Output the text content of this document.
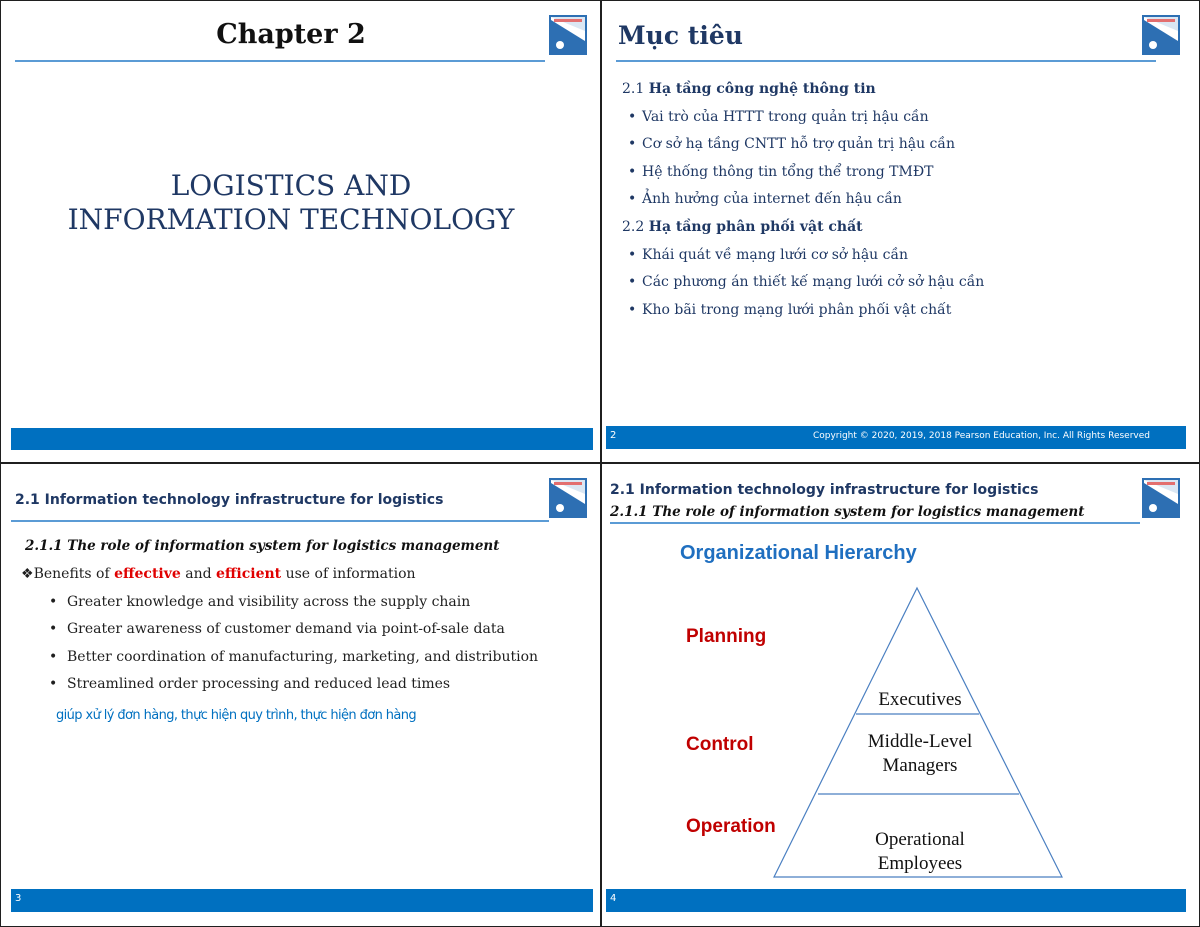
Chapter 2
LOGISTICS AND
INFORMATION TECHNOLOGY
Mục tiêu
2.1 Hạ tầng công nghệ thông tin
• Vai trò của HTTT trong quản trị hậu cần
• Cơ sở hạ tầng CNTT hỗ trợ quản trị hậu cần
• Hệ thống thông tin tổng thể trong TMĐT
• Ảnh hưởng của internet đến hậu cần
2.2 Hạ tầng phân phối vật chất
• Khái quát về mạng lưới cơ sở hậu cần
• Các phương án thiết kế mạng lưới cở sở hậu cần
• Kho bãi trong mạng lưới phân phối vật chất
2	Copyright © 2020, 2019, 2018 Pearson Education, Inc. All Rights Reserved
2.1 Information technology infrastructure for logistics
2.1.1 The role of information system for logistics management
❖Benefits of effective and efficient use of information
• Greater knowledge and visibility across the supply chain
• Greater awareness of customer demand via point-of-sale data
• Better coordination of manufacturing, marketing, and distribution
• Streamlined order processing and reduced lead times
giúp xử lý đơn hàng, thực hiện quy trình, thực hiện đơn hàng
3
2.1 Information technology infrastructure for logistics
2.1.1 The role of information system for logistics management
Organizational Hierarchy
Planning
Control
Operation
Executives
Middle-Level
Managers
Operational
Employees
4
